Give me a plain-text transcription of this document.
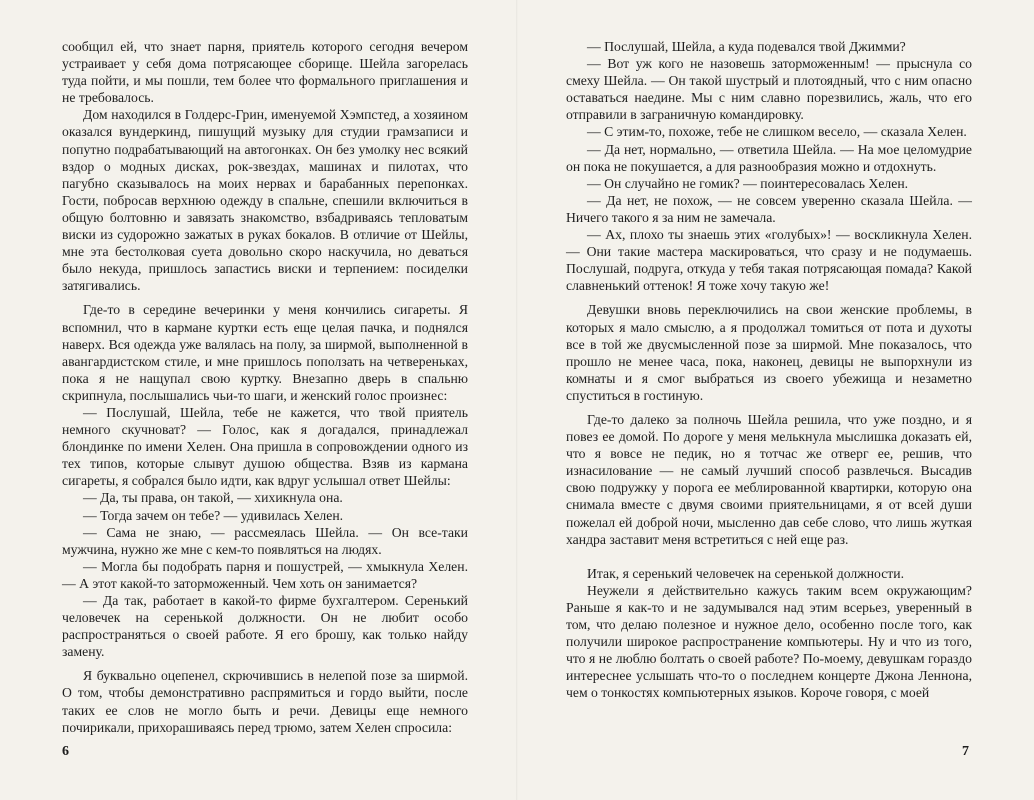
сообщил ей, что знает парня, приятель которого сегодня вечером устраивает у себя дома потрясающее сборище. Шейла загорелась туда пойти, и мы пошли, тем более что формального приглашения и не требовалось.

Дом находился в Голдерс-Грин, именуемой Хэмпстед, а хозяином оказался вундеркинд, пишущий музыку для студии грамзаписи и попутно подрабатывающий на автогонках. Он без умолку нес всякий вздор о модных дисках, рок-звездах, машинах и пилотах, что пагубно сказывалось на моих нервах и барабанных перепонках. Гости, побросав верхнюю одежду в спальне, спешили включиться в общую болтовню и завязать знакомство, взбадриваясь тепловатым виски из судорожно зажатых в руках бокалов. В отличие от Шейлы, мне эта бестолковая суета довольно скоро наскучила, но деваться было некуда, пришлось запастись виски и терпением: посиделки затягивались.

Где-то в середине вечеринки у меня кончились сигареты. Я вспомнил, что в кармане куртки есть еще целая пачка, и поднялся наверх. Вся одежда уже валялась на полу, за ширмой, выполненной в авангардистском стиле, и мне пришлось поползать на четвереньках, пока я не нащупал свою куртку. Внезапно дверь в спальню скрипнула, послышались чьи-то шаги, и женский голос произнес:

— Послушай, Шейла, тебе не кажется, что твой приятель немного скучноват? — Голос, как я догадался, принадлежал блондинке по имени Хелен. Она пришла в сопровождении одного из тех типов, которые слывут душою общества. Взяв из кармана сигареты, я собрался было идти, как вдруг услышал ответ Шейлы:

— Да, ты права, он такой, — хихикнула она.

— Тогда зачем он тебе? — удивилась Хелен.

— Сама не знаю, — рассмеялась Шейла. — Он все-таки мужчина, нужно же мне с кем-то появляться на людях.

— Могла бы подобрать парня и пошустрей, — хмыкнула Хелен. — А этот какой-то заторможенный. Чем хоть он занимается?

— Да так, работает в какой-то фирме бухгалтером. Серенький человечек на серенькой должности. Он не любит особо распространяться о своей работе. Я его брошу, как только найду замену.

Я буквально оцепенел, скрючившись в нелепой позе за ширмой. О том, чтобы демонстративно распрямиться и гордо выйти, после таких ее слов не могло быть и речи. Девицы еще немного почирикали, прихорашиваясь перед трюмо, затем Хелен спросила:

— Послушай, Шейла, а куда подевался твой Джимми?

— Вот уж кого не назовешь заторможенным! — прыснула со смеху Шейла. — Он такой шустрый и плотоядный, что с ним опасно оставаться наедине. Мы с ним славно порезвились, жаль, что его отправили в заграничную командировку.

— С этим-то, похоже, тебе не слишком весело, — сказала Хелен.

— Да нет, нормально, — ответила Шейла. — На мое целомудрие он пока не покушается, а для разнообразия можно и отдохнуть.

— Он случайно не гомик? — поинтересовалась Хелен.

— Да нет, не похож, — не совсем уверенно сказала Шейла. — Ничего такого я за ним не замечала.

— Ах, плохо ты знаешь этих «голубых»! — воскликнула Хелен. — Они такие мастера маскироваться, что сразу и не подумаешь. Послушай, подруга, откуда у тебя такая потрясающая помада? Какой славненький оттенок! Я тоже хочу такую же!

Девушки вновь переключились на свои женские проблемы, в которых я мало смыслю, а я продолжал томиться от пота и духоты все в той же двусмысленной позе за ширмой. Мне показалось, что прошло не менее часа, пока, наконец, девицы не выпорхнули из комнаты и я смог выбраться из своего убежища и незаметно спуститься в гостиную.

Где-то далеко за полночь Шейла решила, что уже поздно, и я повез ее домой. По дороге у меня мелькнула мыслишка доказать ей, что я вовсе не педик, но я тотчас же отверг ее, решив, что изнасилование — не самый лучший способ развлечься. Высадив свою подружку у порога ее меблированной квартирки, которую она снимала вместе с двумя своими приятельницами, я от всей души пожелал ей доброй ночи, мысленно дав себе слово, что лишь жуткая хандра заставит меня встретиться с ней еще раз.

Итак, я серенький человечек на серенькой должности.

Неужели я действительно кажусь таким всем окружающим? Раньше я как-то и не задумывался над этим всерьез, уверенный в том, что делаю полезное и нужное дело, особенно после того, как получили широкое распространение компьютеры. Ну и что из того, что я не люблю болтать о своей работе? По-моему, девушкам гораздо интереснее услышать что-то о последнем концерте Джона Леннона, чем о тонкостях компьютерных языков. Короче говоря, с моей

6	7
